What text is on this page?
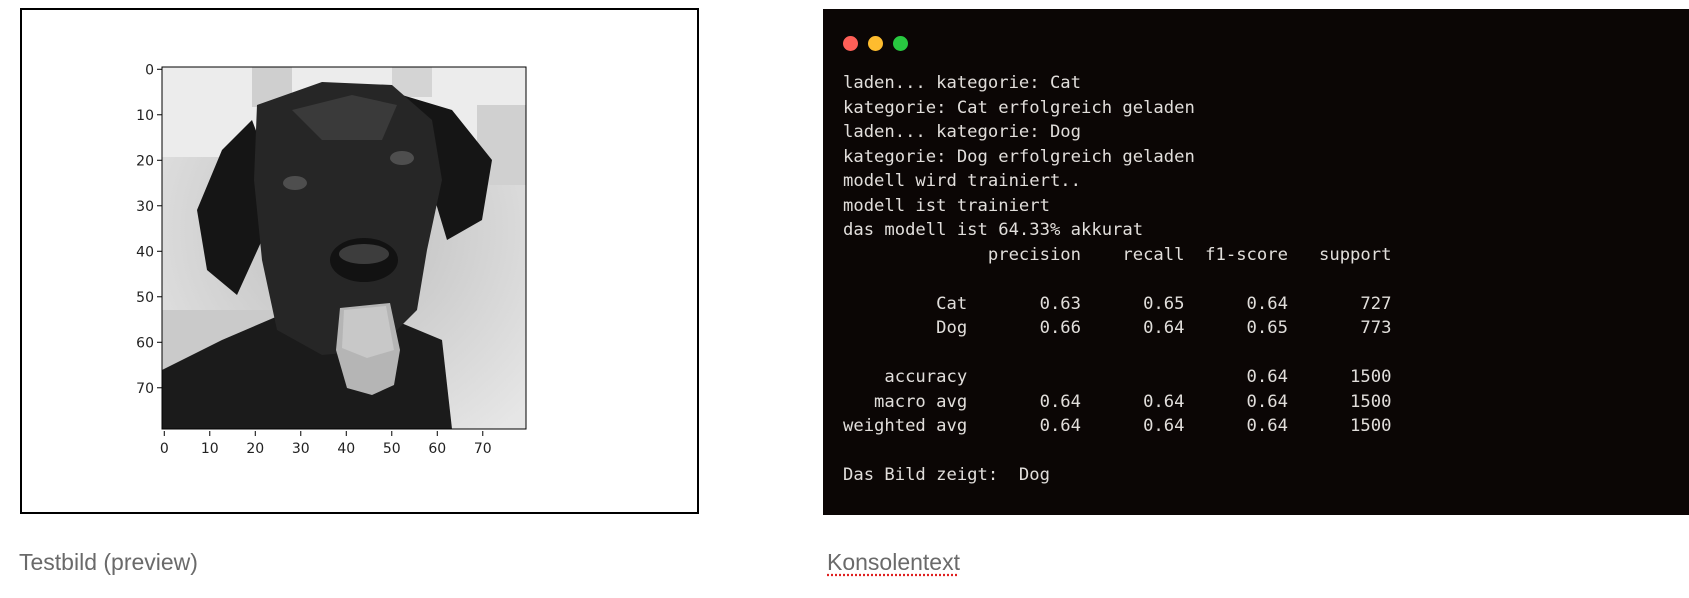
0
10
20
30
40
50
60
70
0 10 20 30 40 50 60 70
Testbild (preview)
laden... kategorie: Cat
kategorie: Cat erfolgreich geladen
laden... kategorie: Dog
kategorie: Dog erfolgreich geladen
modell wird trainiert..
modell ist trainiert
das modell ist 64.33% akkurat
precision    recall  f1-score   support
Cat       0.63      0.65      0.64       727
Dog       0.66      0.64      0.65       773
accuracy                           0.64      1500
macro avg       0.64      0.64      0.64      1500
weighted avg       0.64      0.64      0.64      1500
Das Bild zeigt:  Dog
Konsolentext
